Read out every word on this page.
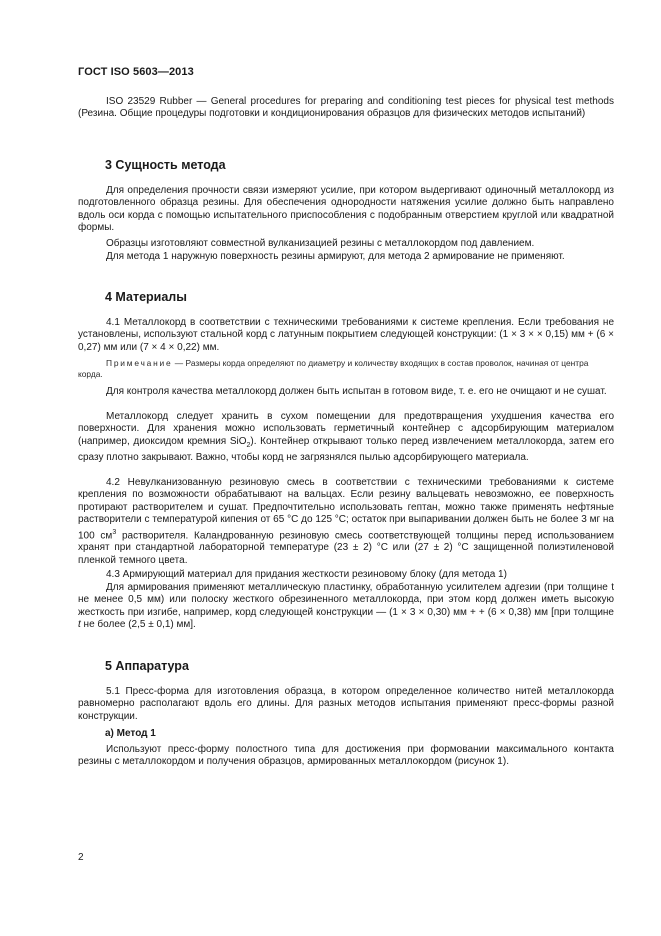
ГОСТ ISO 5603—2013

ISO 23529 Rubber — General procedures for preparing and conditioning test pieces for physical test methods (Резина. Общие процедуры подготовки и кондиционирования образцов для физических методов испытаний)

3 Сущность метода

Для определения прочности связи измеряют усилие, при котором выдергивают одиночный металлокорд из подготовленного образца резины. Для обеспечения однородности натяжения усилие должно быть направлено вдоль оси корда с помощью испытательного приспособления с подобранным отверстием круглой или квадратной формы.

Образцы изготовляют совместной вулканизацией резины с металлокордом под давлением.

Для метода 1 наружную поверхность резины армируют, для метода 2 армирование не применяют.

4 Материалы

4.1 Металлокорд в соответствии с техническими требованиями к системе крепления. Если требования не установлены, используют стальной корд с латунным покрытием следующей конструкции: (1 × 3 × × 0,15) мм + (6 × 0,27) мм или (7 × 4 × 0,22) мм.

Примечание — Размеры корда определяют по диаметру и количеству входящих в состав проволок, начиная от центра корда.

Для контроля качества металлокорд должен быть испытан в готовом виде, т. е. его не очищают и не сушат.

Металлокорд следует хранить в сухом помещении для предотвращения ухудшения качества его поверхности. Для хранения можно использовать герметичный контейнер с адсорбирующим материалом (например, диоксидом кремния SiO$_2$). Контейнер открывают только перед извлечением металлокорда, затем его сразу плотно закрывают. Важно, чтобы корд не загрязнялся пылью адсорбирующего материала.

4.2 Невулканизованную резиновую смесь в соответствии с техническими требованиями к системе крепления по возможности обрабатывают на вальцах. Если резину вальцевать невозможно, ее поверхность протирают растворителем и сушат. Предпочтительно использовать гептан, можно также применять нефтяные растворители с температурой кипения от 65 °С до 125 °С; остаток при выпаривании должен быть не более 3 мг на 100 $см^3$ растворителя. Каландрованную резиновую смесь соответствующей толщины перед использованием хранят при стандартной лабораторной температуре (23 ± 2) °С или (27 ± 2) °С защищенной полиэтиленовой пленкой темного цвета.

4.3 Армирующий материал для придания жесткости резиновому блоку (для метода 1)

Для армирования применяют металлическую пластинку, обработанную усилителем адгезии (при толщине t не менее 0,5 мм) или полоску жесткого обрезиненного металлокорда, при этом корд должен иметь высокую жесткость при изгибе, например, корд следующей конструкции — (1 × 3 × 0,30) мм + + (6 × 0,38) мм [при толщине t не более (2,5 ± 0,1) мм].

5 Аппаратура

5.1 Пресс-форма для изготовления образца, в котором определенное количество нитей металлокорда равномерно располагают вдоль его длины. Для разных методов испытания применяют пресс-формы разной конструкции.

а) Метод 1

Используют пресс-форму полостного типа для достижения при формовании максимального контакта резины с металлокордом и получения образцов, армированных металлокордом (рисунок 1).

2
